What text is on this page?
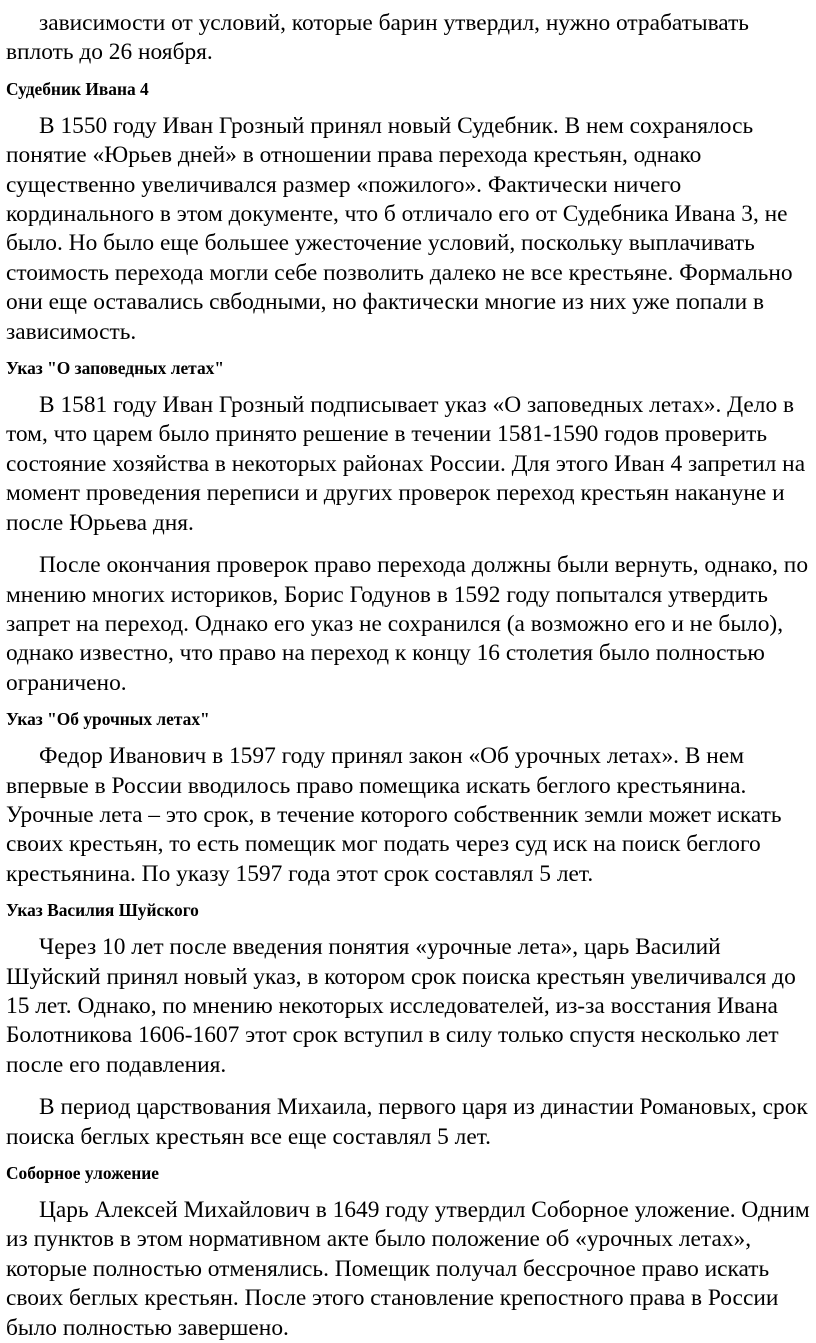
зависимости от условий, которые барин утвердил, нужно отрабатывать вплоть до 26 ноября.

Судебник Ивана 4

В 1550 году Иван Грозный принял новый Судебник. В нем сохранялось понятие «Юрьев дней» в отношении права перехода крестьян, однако существенно увеличивался размер «пожилого». Фактически ничего кординального в этом документе, что б отличало его от Судебника Ивана 3, не было. Но было еще большее ужесточение условий, поскольку выплачивать стоимость перехода могли себе позволить далеко не все крестьяне. Формально они еще оставались свбодными, но фактически многие из них уже попали в зависимость.

Указ "О заповедных летах"

В 1581 году Иван Грозный подписывает указ «О заповедных летах». Дело в том, что царем было принято решение в течении 1581-1590 годов проверить состояние хозяйства в некоторых районах России. Для этого Иван 4 запретил на момент проведения переписи и других проверок переход крестьян накануне и после Юрьева дня.

После окончания проверок право перехода должны были вернуть, однако, по мнению многих историков, Борис Годунов в 1592 году попытался утвердить запрет на переход. Однако его указ не сохранился (а возможно его и не было), однако известно, что право на переход к концу 16 столетия было полностью ограничено.

Указ "Об урочных летах"

Федор Иванович в 1597 году принял закон «Об урочных летах». В нем впервые в России вводилось право помещика искать беглого крестьянина. Урочные лета – это срок, в течение которого собственник земли может искать своих крестьян, то есть помещик мог подать через суд иск на поиск беглого крестьянина. По указу 1597 года этот срок составлял 5 лет.

Указ Василия Шуйского

Через 10 лет после введения понятия «урочные лета», царь Василий Шуйский принял новый указ, в котором срок поиска крестьян увеличивался до 15 лет. Однако, по мнению некоторых исследователей, из-за восстания Ивана Болотникова 1606-1607 этот срок вступил в силу только спустя несколько лет после его подавления.

В период царствования Михаила, первого царя из династии Романовых, срок поиска беглых крестьян все еще составлял 5 лет.

Соборное уложение

Царь Алексей Михайлович в 1649 году утвердил Соборное уложение. Одним из пунктов в этом нормативном акте было положение об «урочных летах», которые полностью отменялись. Помещик получал бессрочное право искать своих беглых крестьян. После этого становление крепостного права в России было полностью завершено.
